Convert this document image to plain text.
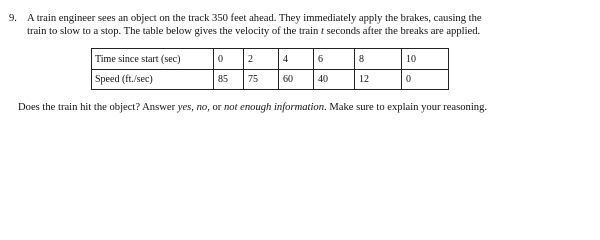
9. A train engineer sees an object on the track 350 feet ahead. They immediately apply the brakes, causing the
train to slow to a stop. The table below gives the velocity of the train t seconds after the breaks are applied.
Time since start (sec)	0	2	4	6	8	10
Speed (ft./sec)	85	75	60	40	12	0
Does the train hit the object? Answer yes, no, or not enough information. Make sure to explain your reasoning.
